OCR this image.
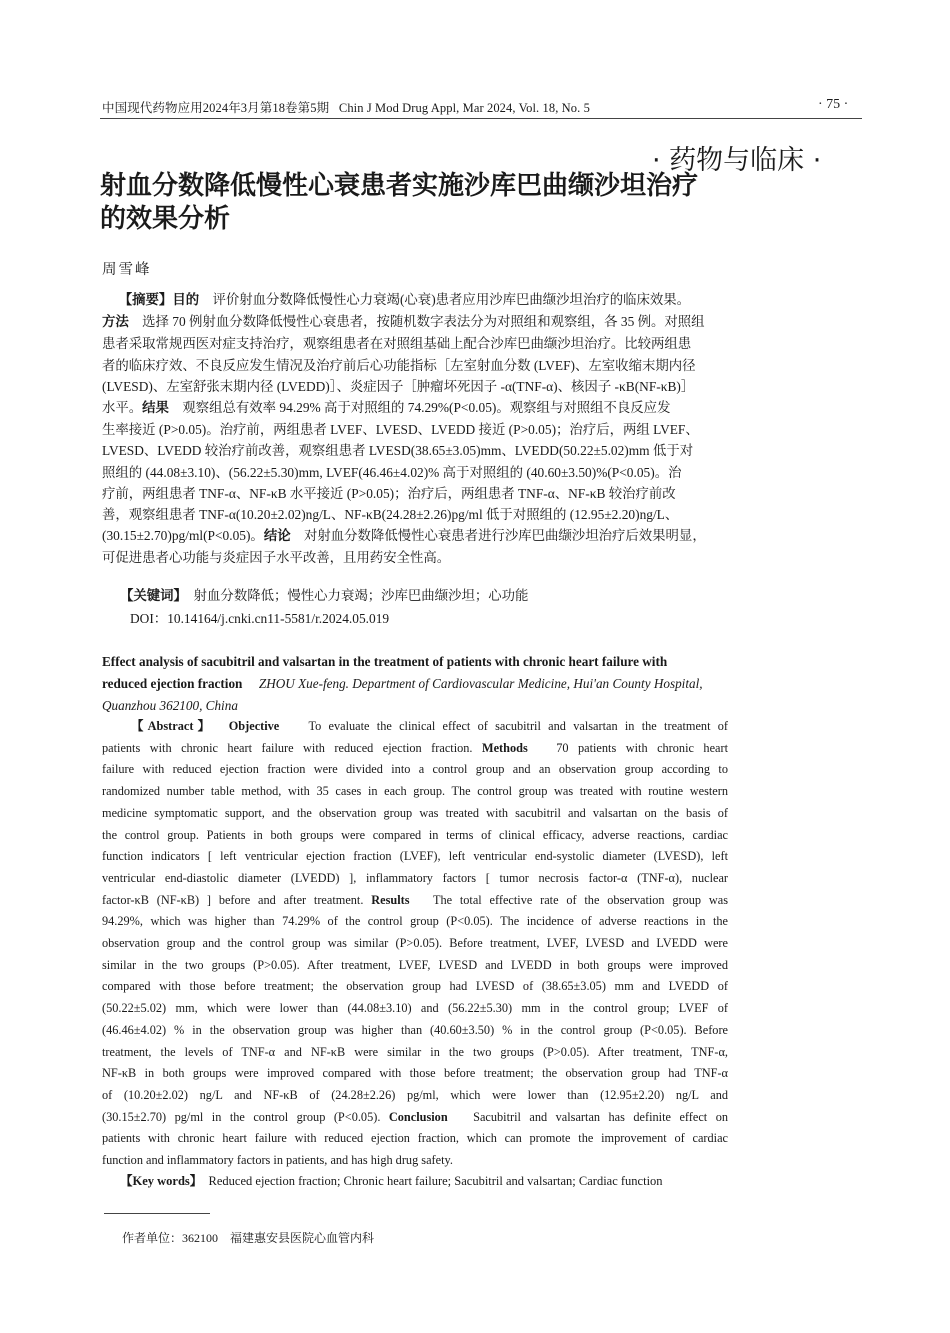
中国现代药物应用2024年3月第18卷第5期 Chin J Mod Drug Appl, Mar 2024, Vol. 18, No. 5	· 75 ·
· 药物与临床 ·
射血分数降低慢性心衰患者实施沙库巴曲缬沙坦治疗
的效果分析
周雪峰
【摘要】目的 评价射血分数降低慢性心力衰竭(心衰)患者应用沙库巴曲缬沙坦治疗的临床效果。
方法 选择 70 例射血分数降低慢性心衰患者，按随机数字表法分为对照组和观察组，各 35 例。对照组
患者采取常规西医对症支持治疗，观察组患者在对照组基础上配合沙库巴曲缬沙坦治疗。比较两组患
者的临床疗效、不良反应发生情况及治疗前后心功能指标［左室射血分数 (LVEF)、左室收缩末期内径
(LVESD)、左室舒张末期内径 (LVEDD)］、炎症因子［肿瘤坏死因子 -α(TNF-α)、核因子 -κB(NF-κB)］
水平。结果 观察组总有效率 94.29% 高于对照组的 74.29%(P<0.05)。观察组与对照组不良反应发
生率接近 (P>0.05)。治疗前，两组患者 LVEF、LVESD、LVEDD 接近 (P>0.05)；治疗后，两组 LVEF、
LVESD、LVEDD 较治疗前改善，观察组患者 LVESD(38.65±3.05)mm、LVEDD(50.22±5.02)mm 低于对
照组的 (44.08±3.10)、(56.22±5.30)mm, LVEF(46.46±4.02)% 高于对照组的 (40.60±3.50)%(P<0.05)。治
疗前，两组患者 TNF-α、NF-κB 水平接近 (P>0.05)；治疗后，两组患者 TNF-α、NF-κB 较治疗前改
善，观察组患者 TNF-α(10.20±2.02)ng/L、NF-κB(24.28±2.26)pg/ml 低于对照组的 (12.95±2.20)ng/L、
(30.15±2.70)pg/ml(P<0.05)。结论 对射血分数降低慢性心衰患者进行沙库巴曲缬沙坦治疗后效果明显，
可促进患者心功能与炎症因子水平改善，且用药安全性高。
【关键词】 射血分数降低；慢性心力衰竭；沙库巴曲缬沙坦；心功能
DOI：10.14164/j.cnki.cn11-5581/r.2024.05.019
Effect analysis of sacubitril and valsartan in the treatment of patients with chronic heart failure with
reduced ejection fraction ZHOU Xue-feng. Department of Cardiovascular Medicine, Hui'an County Hospital,
Quanzhou 362100, China
【Abstract】 Objective To evaluate the clinical effect of sacubitril and valsartan in the treatment of
patients with chronic heart failure with reduced ejection fraction. Methods 70 patients with chronic heart
failure with reduced ejection fraction were divided into a control group and an observation group according to
randomized number table method, with 35 cases in each group. The control group was treated with routine western
medicine symptomatic support, and the observation group was treated with sacubitril and valsartan on the basis of
the control group. Patients in both groups were compared in terms of clinical efficacy, adverse reactions, cardiac
function indicators [ left ventricular ejection fraction (LVEF), left ventricular end-systolic diameter (LVESD), left
ventricular end-diastolic diameter (LVEDD) ], inflammatory factors [ tumor necrosis factor-α (TNF-α), nuclear
factor-κB (NF-κB) ] before and after treatment. Results The total effective rate of the observation group was
94.29%, which was higher than 74.29% of the control group (P<0.05). The incidence of adverse reactions in the
observation group and the control group was similar (P>0.05). Before treatment, LVEF, LVESD and LVEDD were
similar in the two groups (P>0.05). After treatment, LVEF, LVESD and LVEDD in both groups were improved
compared with those before treatment; the observation group had LVESD of (38.65±3.05) mm and LVEDD of
(50.22±5.02) mm, which were lower than (44.08±3.10) and (56.22±5.30) mm in the control group; LVEF of
(46.46±4.02) % in the observation group was higher than (40.60±3.50) % in the control group (P<0.05). Before
treatment, the levels of TNF-α and NF-κB were similar in the two groups (P>0.05). After treatment, TNF-α,
NF-κB in both groups were improved compared with those before treatment; the observation group had TNF-α
of (10.20±2.02) ng/L and NF-κB of (24.28±2.26) pg/ml, which were lower than (12.95±2.20) ng/L and
(30.15±2.70) pg/ml in the control group (P<0.05). Conclusion Sacubitril and valsartan has definite effect on
patients with chronic heart failure with reduced ejection fraction, which can promote the improvement of cardiac
function and inflammatory factors in patients, and has high drug safety.
【Key words】 Reduced ejection fraction; Chronic heart failure; Sacubitril and valsartan; Cardiac function
作者单位：362100　福建惠安县医院心血管内科
